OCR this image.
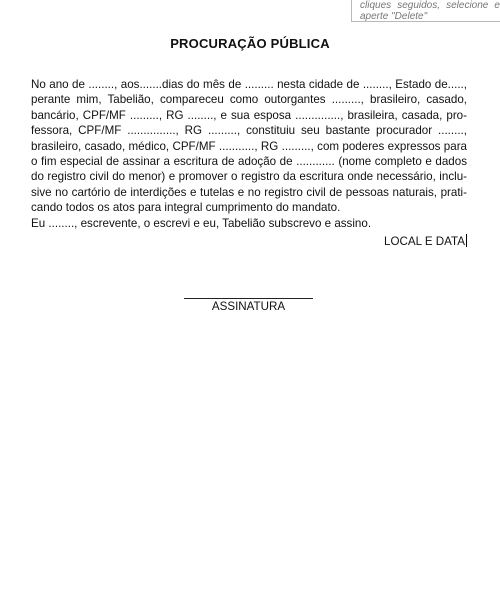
cliques seguidos, selecione e
aperte "Delete"
PROCURAÇÃO PÚBLICA
No ano de ........, aos.......dias do mês de ......... nesta cidade de ........, Estado de.....,
perante mim, Tabelião, compareceu como outorgantes ........., brasileiro, casado,
bancário, CPF/MF ........., RG ........, e sua esposa .............., brasileira, casada, pro-
fessora, CPF/MF ..............., RG ........., constituiu seu bastante procurador ........,
brasileiro, casado, médico, CPF/MF ..........., RG ........., com poderes expressos para
o fim especial de assinar a escritura de adoção de ............ (nome completo e dados
do registro civil do menor) e promover o registro da escritura onde necessário, inclu-
sive no cartório de interdições e tutelas e no registro civil de pessoas naturais, prati-
cando todos os atos para integral cumprimento do mandato.
Eu ........, escrevente, o escrevi e eu, Tabelião subscrevo e assino.
LOCAL E DATA
ASSINATURA
